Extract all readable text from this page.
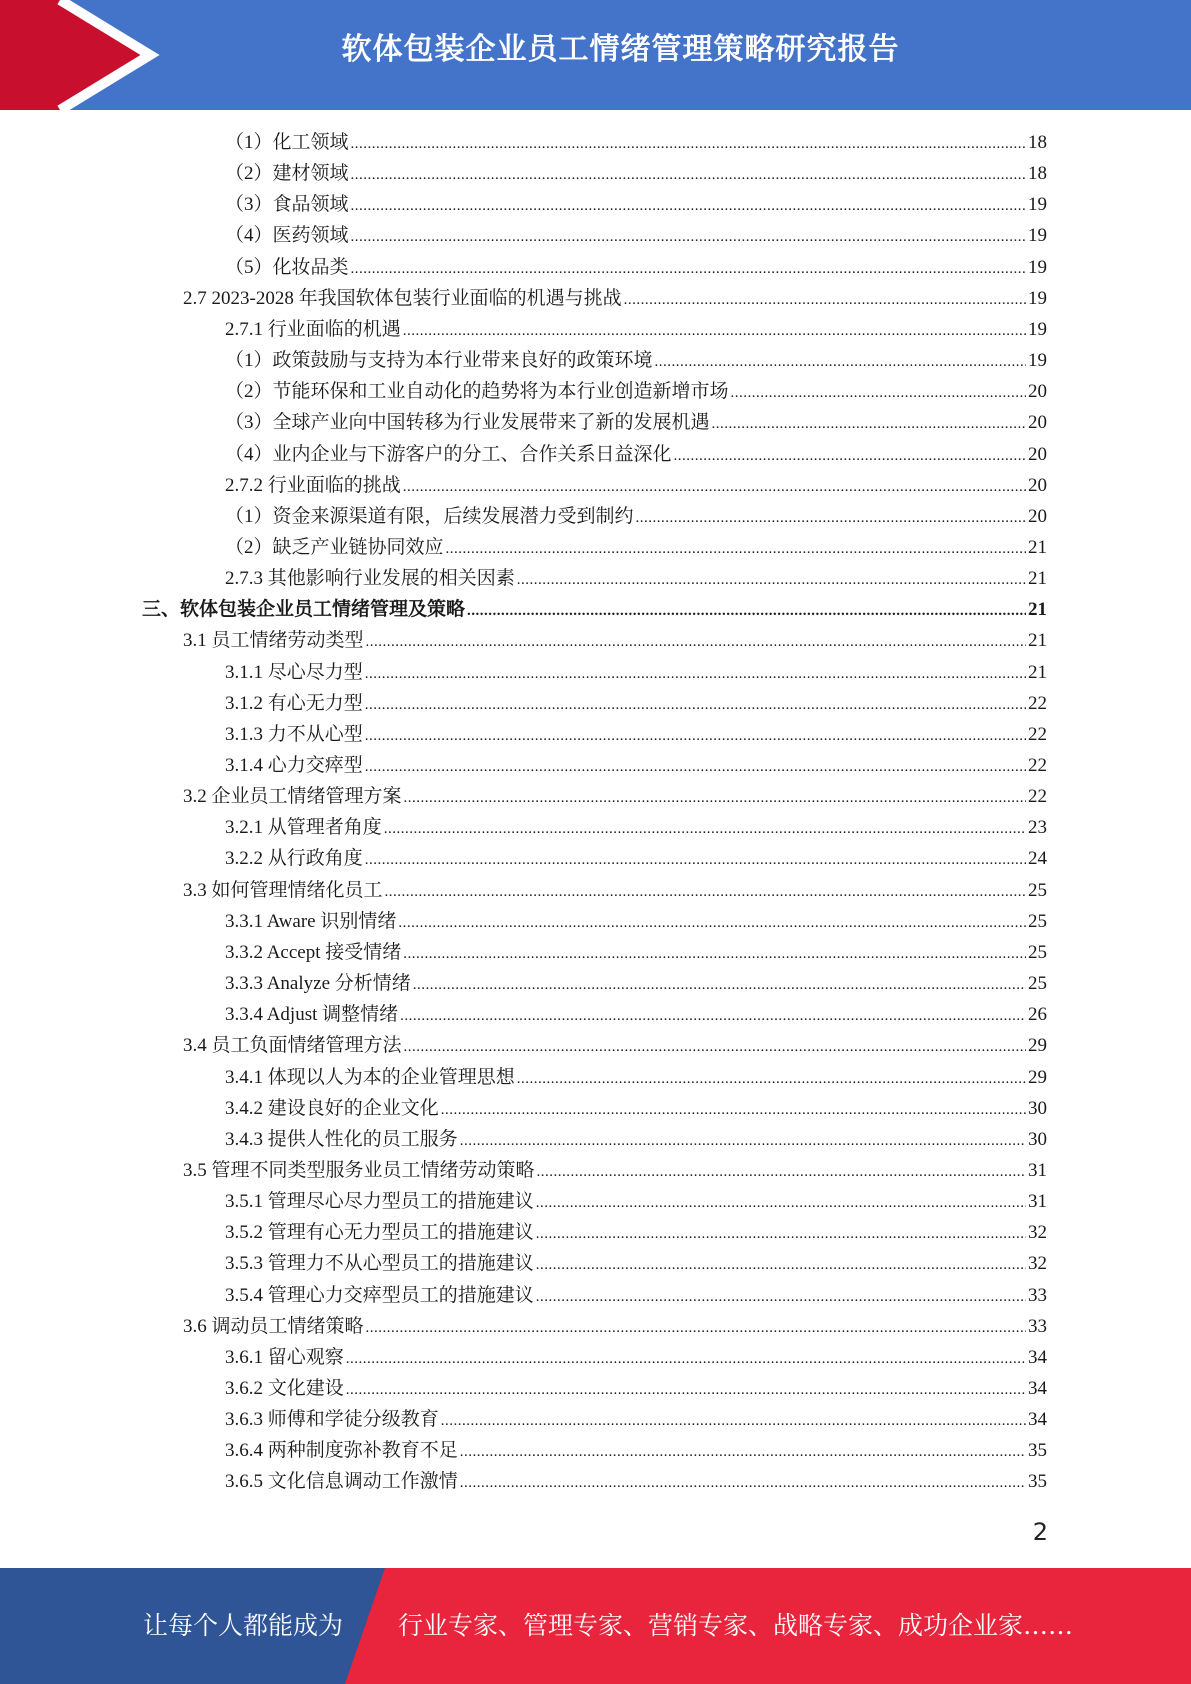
软体包装企业员工情绪管理策略研究报告
（1）化工领域 .....	18
（2）建材领域 .....	18
（3）食品领域 .....	19
（4）医药领域 .....	19
（5）化妆品类 .....	19
2.7 2023-2028 年我国软体包装行业面临的机遇与挑战 .....	19
2.7.1 行业面临的机遇 .....	19
（1）政策鼓励与支持为本行业带来良好的政策环境 .....	19
（2）节能环保和工业自动化的趋势将为本行业创造新增市场 .....	20
（3）全球产业向中国转移为行业发展带来了新的发展机遇 .....	20
（4）业内企业与下游客户的分工、合作关系日益深化 .....	20
2.7.2 行业面临的挑战 .....	20
（1）资金来源渠道有限，后续发展潜力受到制约 .....	20
（2）缺乏产业链协同效应 .....	21
2.7.3 其他影响行业发展的相关因素 .....	21
三、软体包装企业员工情绪管理及策略 .....	21
3.1 员工情绪劳动类型 .....	21
3.1.1 尽心尽力型 .....	21
3.1.2 有心无力型 .....	22
3.1.3 力不从心型 .....	22
3.1.4 心力交瘁型 .....	22
3.2 企业员工情绪管理方案 .....	22
3.2.1 从管理者角度 .....	23
3.2.2 从行政角度 .....	24
3.3 如何管理情绪化员工 .....	25
3.3.1 Aware 识别情绪 .....	25
3.3.2 Accept 接受情绪 .....	25
3.3.3 Analyze 分析情绪 .....	25
3.3.4 Adjust 调整情绪 .....	26
3.4 员工负面情绪管理方法 .....	29
3.4.1 体现以人为本的企业管理思想 .....	29
3.4.2 建设良好的企业文化 .....	30
3.4.3 提供人性化的员工服务 .....	30
3.5 管理不同类型服务业员工情绪劳动策略 .....	31
3.5.1 管理尽心尽力型员工的措施建议 .....	31
3.5.2 管理有心无力型员工的措施建议 .....	32
3.5.3 管理力不从心型员工的措施建议 .....	32
3.5.4 管理心力交瘁型员工的措施建议 .....	33
3.6 调动员工情绪策略 .....	33
3.6.1 留心观察 .....	34
3.6.2 文化建设 .....	34
3.6.3 师傅和学徒分级教育 .....	34
3.6.4 两种制度弥补教育不足 .....	35
3.6.5 文化信息调动工作激情 .....	35
2
让每个人都能成为 行业专家、管理专家、营销专家、战略专家、成功企业家……
